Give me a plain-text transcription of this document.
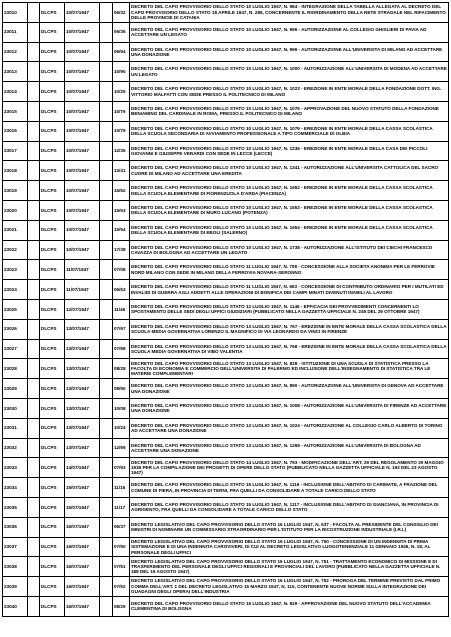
23010		DLCPS	10/07/1947		06/32	DECRETO DEL CAPO PROVVISORIO DELLO STATO 10 LUGLIO 1947, N. 984 - INTEGRAZIONE DELLA TABELLA ALLEGATA AL DECRETO DEL CAPO PROVVISORIO DELLO STATO 18 APRILE 1947, N. 286, CONCERNENTE IL RIORDINAMENTO DELLA RETE STRADALE NEL RIFACIMENTO DELLE PROVINCIE DI CATANIA
23011		DLCPS	10/07/1947		06/35	DECRETO DEL CAPO PROVVISORIO DELLO STATO 10 LUGLIO 1947, N. 996 - AUTORIZZAZIONE AL COLLEGIO GHISLIERI DI PAVIA AD ACCETTARE UN LEGATO
23012		DLCPS	10/07/1947		06/94	DECRETO DEL CAPO PROVVISORIO DELLO STATO 10 LUGLIO 1947, N. 996 - AUTORIZZAZIONE ALL'UNIVERSITA DI MILANO AD ACCETTARE UNA DONAZIONE
23013		DLCPS	10/07/1947		10/90	DECRETO DEL CAPO PROVVISORIO DELLO STATO 10 LUGLIO 1947, N. 1000 - AUTORIZZAZIONE ALL'UNIVERSITA DI MODENA AD ACCETTARE UN LEGATO
23014		DLCPS	10/07/1947		10/25	DECRETO DEL CAPO PROVVISORIO DELLO STATO 10 LUGLIO 1947, N. 1023 - EREZIONE IN ENTE MORALE DELLA FONDAZIONE DOTT. ING. VITTORIO MALFATTI CON SEDE PRESSO IL POLITECNICO DI MILANO
23015		DLCPS	10/07/1947		10/76	DECRETO DEL CAPO PROVVISORIO DELLO STATO 10 LUGLIO 1947, N. 1076 - APPROVAZIONE DEL NUOVO STATUTO DELLA FONDAZIONE BENIAMINO DEL CARDINALE IN ROMA, PRESSO IL POLITECNICO DI MILANO
23016		DLCPS	10/07/1947		10/79	DECRETO DEL CAPO PROVVISORIO DELLO STATO 10 LUGLIO 1947, N. 1079 - EREZIONE IN ENTE MORALE DELLA CASSA SCOLASTICA DELLA SCUOLA SECONDARIA DI AVVIAMENTO PROFESSIONALE A TIPO COMMERCIALE DI OLBIA
23017		DLCPS	10/07/1947		12/36	DECRETO DEL CAPO PROVVISORIO DELLO STATO 10 LUGLIO 1947, N. 1236 - EREZIONE IN ENTE MORALE DELLA CASA DEI PICCOLI GIOVANNI E GIUSEPPE VERARDI CON SEDE IN LECCE (LECCE)
23018		DLCPS	10/07/1947		13/41	DECRETO DEL CAPO PROVVISORIO DELLO STATO 10 LUGLIO 1947, N. 1341 - AUTORIZZAZIONE ALL'UNIVERSITA CATTOLICA DEL SACRO CUORE DI MILANO AD ACCETTARE UNA EREDITA
23019		DLCPS	10/07/1947		15/52	DECRETO DEL CAPO PROVVISORIO DELLO STATO 10 LUGLIO 1947, N. 1552 - EREZIONE IN ENTE MORALE DELLA CASSA SCOLASTICA DELLA SCUOLA ELEMENTARE DI FIORENZUOLA D'ARDA (PIACENZA)
23020		DLCPS	10/07/1947		15/53	DECRETO DEL CAPO PROVVISORIO DELLO STATO 10 LUGLIO 1947, N. 1553 - EREZIONE IN ENTE MORALE DELLA CASSA SCOLASTICA DELLA SCUOLA ELEMENTARE DI MURO LUCANO (POTENZA)
23021		DLCPS	10/07/1947		15/54	DECRETO DEL CAPO PROVVISORIO DELLO STATO 10 LUGLIO 1947, N. 1554 - EREZIONE IN ENTE MORALE DELLA CASSA SCOLASTICA DELLA SCUOLA ELEMENTARE DI EBOLI (SALERNO)
23022		DLCPS	10/07/1947		17/38	DECRETO DEL CAPO PROVVISORIO DELLO STATO 10 LUGLIO 1947, N. 1738 - AUTORIZZAZIONE ALL'ISTITUTO DEI CIECHI FRANCESCO CAVAZZA DI BOLOGNA AD ACCETTARE UN LEGATO
23023		DLCPS	11/07/1947		07/08	DECRETO DEL CAPO PROVVISORIO DELLO STATO 11 LUGLIO 1947, N. 708 - CONCESSIONE ALLA SOCIETA ANONIMA PER LE FERROVIE NORD MILANO CON SEDE IN MILANO DELLA FERROVIA NOVARA-SERONNO
23024		DLCPS	11/07/1947		06/63	DECRETO DEL CAPO PROVVISORIO DELLO STATO 11 LUGLIO 1947, N. 663 - CONCESSIONE DI CONTRIBUTO ORDINARIO PER I MUTILATI ED INVALIDI DI GUERRA AGLI ADDETTI ALLE OPERAZIONI DI BONIFICA DEI CAMPI MINATI DIVENUTI INABILI AL LAVORO
23025		DLCPS	12/07/1947		11/46	DECRETO DEL CAPO PROVVISORIO DELLO STATO 12 LUGLIO 1947, N. 1146 - EFFICACIA DEI PROVVEDIMENTI CONCERNENTI LO SPOSTAMENTO DELLE SEDI DEGLI UFFICI GIUDIZIARI (PUBBLICATO NELLA GAZZETTA UFFICIALE N. 249 DEL 29 OTTOBRE 1947)
23026		DLCPS	13/07/1947		07/67	DECRETO DEL CAPO PROVVISORIO DELLO STATO 13 LUGLIO 1947, N. 767 - EREZIONE IN ENTE MORALE DELLA CASSA SCOLASTICA DELLA SCUOLA MEDIA GOVERNATIVA LORENZO IL MAGNIFICO DI VIA LEONARDO DA VINCI IN FIRENZE
23027		DLCPS	13/07/1947		07/68	DECRETO DEL CAPO PROVVISORIO DELLO STATO 13 LUGLIO 1947, N. 768 - EREZIONE IN ENTE MORALE DELLA CASSA SCOLASTICA DELLA SCUOLA MEDIA GOVERNATIVA DI VIBO VALENTIA
23028		DLCPS	13/07/1947		08/28	DECRETO DEL CAPO PROVVISORIO DELLO STATO 13 LUGLIO 1947, N. 828 - ISTITUZIONE DI UNA SCUOLA DI STATISTICA PRESSO LA FACOLTA DI ECONOMIA E COMMERCIO DELL'UNIVERSITA DI PALERMO ED INCLUSIONE DELL'INSEGNAMENTO DI STATISTICA TRA LE MATERIE COMPLEMENTARI
23029		DLCPS	13/07/1947		08/90	DECRETO DEL CAPO PROVVISORIO DELLO STATO 13 LUGLIO 1947, N. 890 - AUTORIZZAZIONE ALL'UNIVERSITA DI GENOVA AD ACCETTARE UNA DONAZIONE
23030		DLCPS	13/07/1947		10/08	DECRETO DEL CAPO PROVVISORIO DELLO STATO 13 LUGLIO 1947, N. 1008 - AUTORIZZAZIONE ALL'UNIVERSITA DI FIRENZE AD ACCETTARE UNA DONAZIONE
23031		DLCPS	13/07/1947		10/24	DECRETO DEL CAPO PROVVISORIO DELLO STATO 13 LUGLIO 1947, N. 1024 - AUTORIZZAZIONE AL COLLEGIO CARLO ALBERTO DI TORINO AD ACCETTARE UNA DONAZIONE
23032		DLCPS	13/07/1947		12/69	DECRETO DEL CAPO PROVVISORIO DELLO STATO 13 LUGLIO 1947, N. 1269 - AUTORIZZAZIONE ALL'UNIVERSITA DI BOLOGNA AD ACCETTARE UNA DONAZIONE
23033		DLCPS	14/07/1947		07/93	DECRETO DEL CAPO PROVVISORIO DELLO STATO 14 LUGLIO 1947, N. 793 - MODIFICAZIONE DELL'ART. 29 DEL REGOLAMENTO 30 MAGGIO 1935 PER LA COMPILAZIONE DEI PROGETTI DI OPERE DELLO STATO (PUBBLICATO NELLA GAZZETTA UFFICIALE N. 192 DEL 23 AGOSTO 1947)
23034		DLCPS	15/07/1947		11/16	DECRETO DEL CAPO PROVVISORIO DELLO STATO 15 LUGLIO 1947, N. 1116 - INCLUSIONE DELL'ABITATO DI CARIMATE, A FRAZIONE DEL COMUNE DI FIERA, IN PROVINCIA DI TERNI, FRA QUELLI DA CONSOLIDARE A TOTALE CARICO DELLO STATO
23035		DLCPS	15/07/1947		11/17	DECRETO DEL CAPO PROVVISORIO DELLO STATO 15 LUGLIO 1947, N. 1117 - INCLUSIONE DELL'ABITATO DI GIANCIANA, IN PROVINCIA DI AGRIGENTO, FRA QUELLI DA CONSOLIDARE A TOTALE CARICO DELLO STATO
23036		DLCPS	16/07/1947		06/37	DECRETO LEGISLATIVO DEL CAPO PROVVISORIO DELLO STATO 16 LUGLIO 1947, N. 637 - FACOLTA AL PRESIDENTE DEL CONSIGLIO DEI MINISTRI DI NOMINARE UN COMMISSARIO STRAORDINARIO PER L'ISTITUTO PER LA RICOSTRUZIONE INDUSTRIALE (I.R.I.)
23037		DLCPS	16/07/1947		07/50	DECRETO LEGISLATIVO DEL CAPO PROVVISORIO DELLO STATO 16 LUGLIO 1947, N. 750 - CONCESSIONE DI UN INDENNITA DI PRIMA SISTEMAZIONE E DI UNA INDENNITA CAROVIVERI, DI CUI AL DECRETO LEGISLATIVO LUOGOTENENZIALE 11 GENNAIO 1946, N. 18, AL PERSONALE DEGLI UFFICI
23038		DLCPS	16/07/1947		07/51	DECRETO LEGISLATIVO DEL CAPO PROVVISORIO DELLO STATO 16 LUGLIO 1947, N. 751 - TRATTAMENTO ECONOMICO DI MISSIONE E DI TRASFERIMENTO DEL PERSONALE DEGLI UFFICI REGIONALI E PROVINCIALI DEL LAVORO (PUBBLICATO NELLA GAZZETTA UFFICIALE N. 188 DEL 19 AGOSTO 1947)
23039		DLCPS	16/07/1947		07/52	DECRETO LEGISLATIVO DEL CAPO PROVVISORIO DELLO STATO 16 LUGLIO 1947, N. 752 - PROROGA DEL TERMINE PREVISTO DAL PRIMO COMMA DELL'ART. 1 DEL DECRETO LEGISLATIVO 15 MARZO 1947, N. 115, CONTENENTE NUOVE NORME SULLA INTEGRAZIONE DEI GUADAGNI DEGLI OPERAI DELL'INDUSTRIA
23040		DLCPS	16/07/1947		08/29	DECRETO DEL CAPO PROVVISORIO DELLO STATO 16 LUGLIO 1947, N. 829 - APPROVAZIONE DEL NUOVO STATUTO DELL'ACCADEMIA CLEMENTINA DI BOLOGNA
